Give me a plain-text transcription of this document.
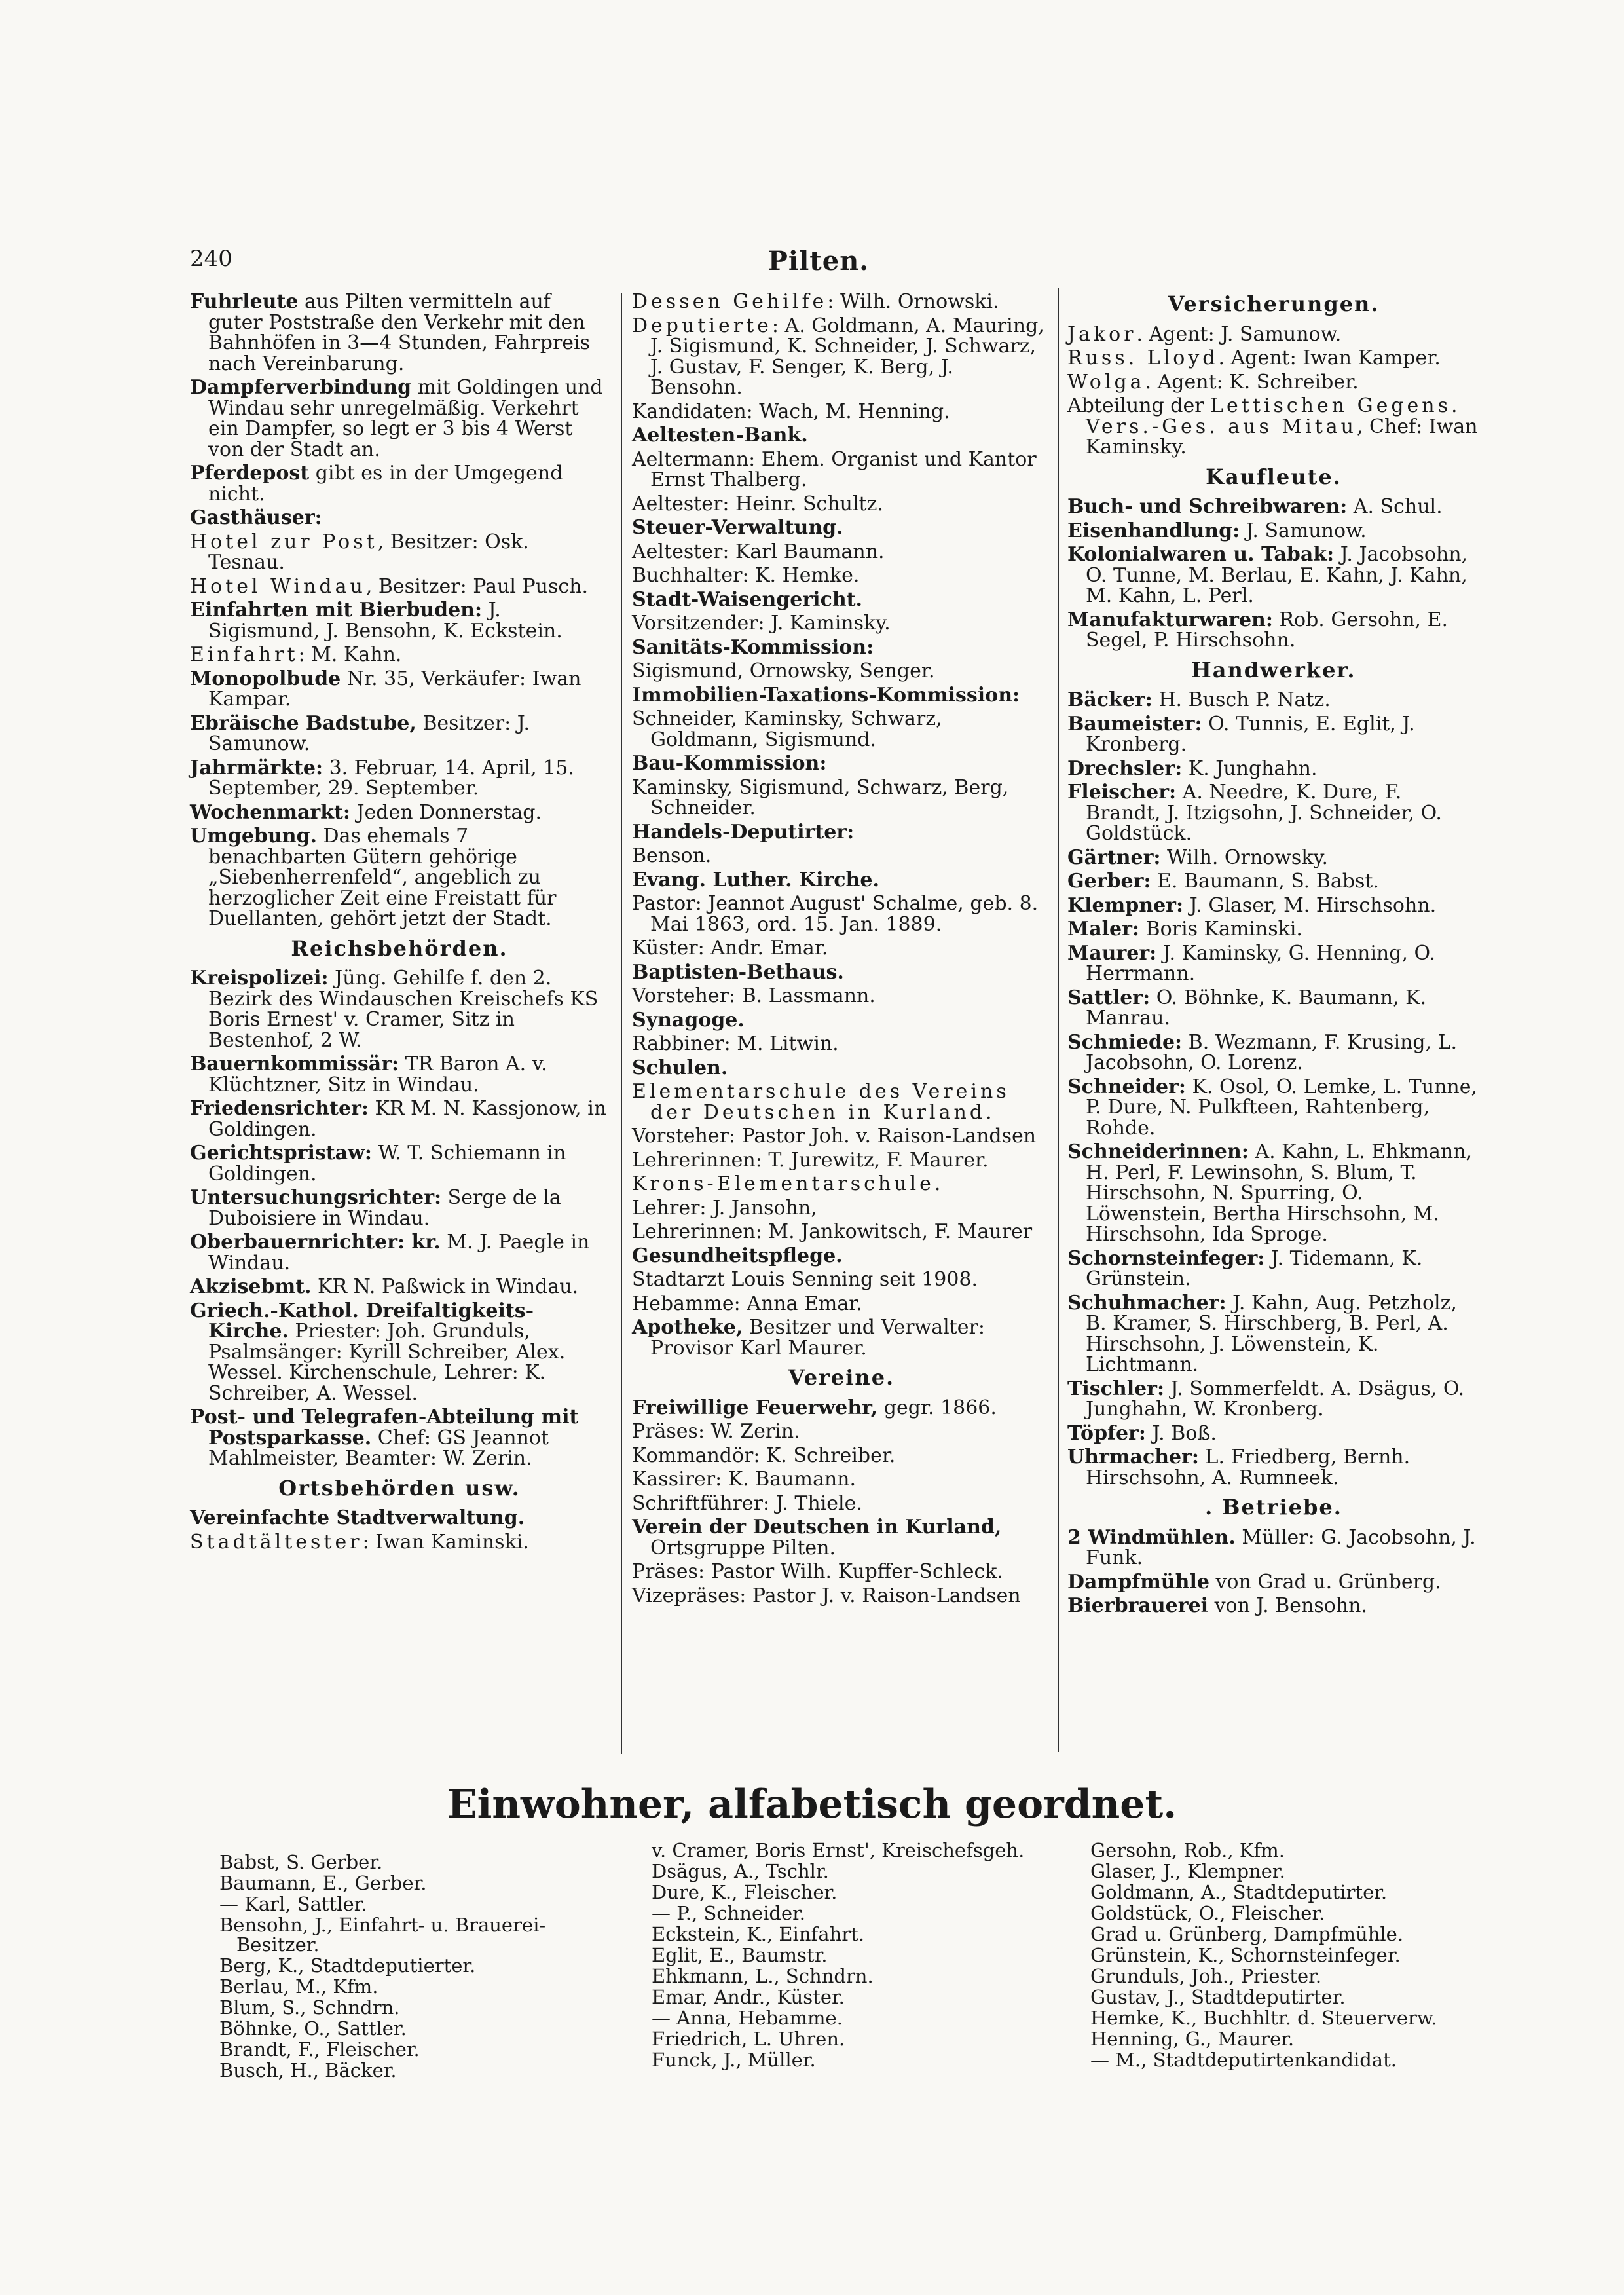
240	Pilten.

Fuhrleute aus Pilten vermitteln auf guter Poststraße den Verkehr mit den Bahnhöfen in 3—4 Stunden, Fahrpreis nach Vereinbarung.

Dampferverbindung mit Goldingen und Windau sehr unregelmäßig. Verkehrt ein Dampfer, so legt er 3 bis 4 Werst von der Stadt an.

Pferdepost gibt es in der Umgegend nicht.

Gasthäuser:

Hotel zur Post, Besitzer: Osk. Tesnau.

Hotel Windau, Besitzer: Paul Pusch.

Einfahrten mit Bierbuden: J. Sigismund, J. Bensohn, K. Eckstein.

Einfahrt: M. Kahn.

Monopolbude Nr. 35, Verkäufer: Iwan Kampar.

Ebräische Badstube, Besitzer: J. Samunow.

Jahrmärkte: 3. Februar, 14. April, 15. September, 29. September.

Wochenmarkt: Jeden Donnerstag.

Umgebung. Das ehemals 7 benachbarten Gütern gehörige „Siebenherrenfeld“, angeblich zu herzoglicher Zeit eine Freistatt für Duellanten, gehört jetzt der Stadt.

Reichsbehörden.

Kreispolizei: Jüng. Gehilfe f. den 2. Bezirk des Windauschen Kreischefs KS Boris Ernest' v. Cramer, Sitz in Bestenhof, 2 W.

Bauernkommissär: TR Baron A. v. Klüchtzner, Sitz in Windau.

Friedensrichter: KR M. N. Kassjonow, in Goldingen.

Gerichtspristaw: W. T. Schiemann in Goldingen.

Untersuchungsrichter: Serge de la Duboisiere in Windau.

Oberbauernrichter: kr. M. J. Paegle in Windau.

Akzisebmt. KR N. Paßwick in Windau.

Griech.-Kathol. Dreifaltigkeits-Kirche. Priester: Joh. Grunduls, Psalmsänger: Kyrill Schreiber, Alex. Wessel. Kirchenschule, Lehrer: K. Schreiber, A. Wessel.

Post- und Telegrafen-Abteilung mit Postsparkasse. Chef: GS Jeannot Mahlmeister, Beamter: W. Zerin.

Ortsbehörden usw.

Vereinfachte Stadtverwaltung.

Stadtältester: Iwan Kaminski.

Dessen Gehilfe: Wilh. Ornowski.

Deputierte: A. Goldmann, A. Mauring, J. Sigismund, K. Schneider, J. Schwarz, J. Gustav, F. Senger, K. Berg, J. Bensohn.

Kandidaten: Wach, M. Henning.

Aeltesten-Bank.

Aeltermann: Ehem. Organist und Kantor Ernst Thalberg.

Aeltester: Heinr. Schultz.

Steuer-Verwaltung.

Aeltester: Karl Baumann.

Buchhalter: K. Hemke.

Stadt-Waisengericht.

Vorsitzender: J. Kaminsky.

Sanitäts-Kommission:

Sigismund, Ornowsky, Senger.

Immobilien-Taxations-Kommission:

Schneider, Kaminsky, Schwarz, Goldmann, Sigismund.

Bau-Kommission:

Kaminsky, Sigismund, Schwarz, Berg, Schneider.

Handels-Deputirter:

Benson.

Evang. Luther. Kirche.

Pastor: Jeannot August' Schalme, geb. 8. Mai 1863, ord. 15. Jan. 1889.

Küster: Andr. Emar.

Baptisten-Bethaus.

Vorsteher: B. Lassmann.

Synagoge.

Rabbiner: M. Litwin.

Schulen.

Elementarschule des Vereins der Deutschen in Kurland.

Vorsteher: Pastor Joh. v. Raison-Landsen

Lehrerinnen: T. Jurewitz, F. Maurer.

Krons-Elementarschule.

Lehrer: J. Jansohn,

Lehrerinnen: M. Jankowitsch, F. Maurer

Gesundheitspflege.

Stadtarzt Louis Senning seit 1908.

Hebamme: Anna Emar.

Apotheke, Besitzer und Verwalter: Provisor Karl Maurer.

Vereine.

Freiwillige Feuerwehr, gegr. 1866.

Präses: W. Zerin.

Kommandör: K. Schreiber.

Kassirer: K. Baumann.

Schriftführer: J. Thiele.

Verein der Deutschen in Kurland, Ortsgruppe Pilten.

Präses: Pastor Wilh. Kupffer-Schleck.

Vizepräses: Pastor J. v. Raison-Landsen

Versicherungen.

Jakor. Agent: J. Samunow.

Russ. Lloyd. Agent: Iwan Kamper.

Wolga. Agent: K. Schreiber.

Abteilung der Lettischen Gegens. Vers.-Ges. aus Mitau, Chef: Iwan Kaminsky.

Kaufleute.

Buch- und Schreibwaren: A. Schul.

Eisenhandlung: J. Samunow.

Kolonialwaren u. Tabak: J. Jacobsohn, O. Tunne, M. Berlau, E. Kahn, J. Kahn, M. Kahn, L. Perl.

Manufakturwaren: Rob. Gersohn, E. Segel, P. Hirschsohn.

Handwerker.

Bäcker: H. Busch P. Natz.

Baumeister: O. Tunnis, E. Eglit, J. Kronberg.

Drechsler: K. Junghahn.

Fleischer: A. Needre, K. Dure, F. Brandt, J. Itzigsohn, J. Schneider, O. Goldstück.

Gärtner: Wilh. Ornowsky.

Gerber: E. Baumann, S. Babst.

Klempner: J. Glaser, M. Hirschsohn.

Maler: Boris Kaminski.

Maurer: J. Kaminsky, G. Henning, O. Herrmann.

Sattler: O. Böhnke, K. Baumann, K. Manrau.

Schmiede: B. Wezmann, F. Krusing, L. Jacobsohn, O. Lorenz.

Schneider: K. Osol, O. Lemke, L. Tunne, P. Dure, N. Pulkfteen, Rahtenberg, Rohde.

Schneiderinnen: A. Kahn, L. Ehkmann, H. Perl, F. Lewinsohn, S. Blum, T. Hirschsohn, N. Spurring, O. Löwenstein, Bertha Hirschsohn, M. Hirschsohn, Ida Sproge.

Schornsteinfeger: J. Tidemann, K. Grünstein.

Schuhmacher: J. Kahn, Aug. Petzholz, B. Kramer, S. Hirschberg, B. Perl, A. Hirschsohn, J. Löwenstein, K. Lichtmann.

Tischler: J. Sommerfeldt. A. Dsägus, O. Junghahn, W. Kronberg.

Töpfer: J. Boß.

Uhrmacher: L. Friedberg, Bernh. Hirschsohn, A. Rumneek.

. Betriebe.

2 Windmühlen. Müller: G. Jacobsohn, J. Funk.

Dampfmühle von Grad u. Grünberg.

Bierbrauerei von J. Bensohn.

Einwohner, alfabetisch geordnet.

Babst, S. Gerber.

Baumann, E., Gerber.

— Karl, Sattler.

Bensohn, J., Einfahrt- u. Brauerei-Besitzer.

Berg, K., Stadtdeputierter.

Berlau, M., Kfm.

Blum, S., Schndrn.

Böhnke, O., Sattler.

Brandt, F., Fleischer.

Busch, H., Bäcker.

v. Cramer, Boris Ernst', Kreischefsgeh.

Dsägus, A., Tschlr.

Dure, K., Fleischer.

— P., Schneider.

Eckstein, K., Einfahrt.

Eglit, E., Baumstr.

Ehkmann, L., Schndrn.

Emar, Andr., Küster.

— Anna, Hebamme.

Friedrich, L. Uhren.

Funck, J., Müller.

Gersohn, Rob., Kfm.

Glaser, J., Klempner.

Goldmann, A., Stadtdeputirter.

Goldstück, O., Fleischer.

Grad u. Grünberg, Dampfmühle.

Grünstein, K., Schornsteinfeger.

Grunduls, Joh., Priester.

Gustav, J., Stadtdeputirter.

Hemke, K., Buchhltr. d. Steuerverw.

Henning, G., Maurer.

— M., Stadtdeputirtenkandidat.
